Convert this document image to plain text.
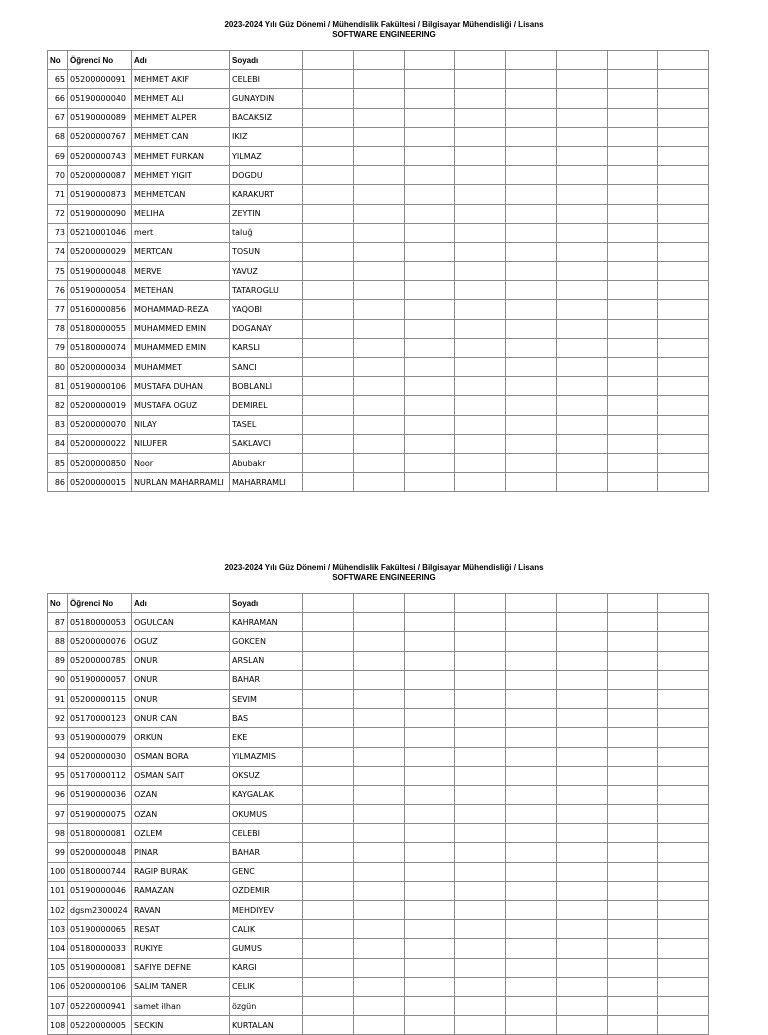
2023-2024 Yılı Güz Dönemi / Mühendislik Fakültesi / Bilgisayar Mühendisliği / Lisans
SOFTWARE ENGINEERING
No	Öğrenci No	Adı	Soyadı								
65	05200000091	MEHMET AKIF	CELEBI								
66	05190000040	MEHMET ALI	GUNAYDIN								
67	05190000089	MEHMET ALPER	BACAKSIZ								
68	05200000767	MEHMET CAN	IKIZ								
69	05200000743	MEHMET FURKAN	YILMAZ								
70	05200000087	MEHMET YIGIT	DOGDU								
71	05190000873	MEHMETCAN	KARAKURT								
72	05190000090	MELIHA	ZEYTIN								
73	05210001046	mert	taluğ								
74	05200000029	MERTCAN	TOSUN								
75	05190000048	MERVE	YAVUZ								
76	05190000054	METEHAN	TATAROGLU								
77	05160000856	MOHAMMAD-REZA	YAQOBI								
78	05180000055	MUHAMMED EMIN	DOGANAY								
79	05180000074	MUHAMMED EMIN	KARSLI								
80	05200000034	MUHAMMET	SANCI								
81	05190000106	MUSTAFA DUHAN	BOBLANLI								
82	05200000019	MUSTAFA OGUZ	DEMIREL								
83	05200000070	NILAY	TASEL								
84	05200000022	NILUFER	SAKLAVCI								
85	05200000850	Noor	Abubakr								
86	05200000015	NURLAN MAHARRAMLI	MAHARRAMLI								
2023-2024 Yılı Güz Dönemi / Mühendislik Fakültesi / Bilgisayar Mühendisliği / Lisans
SOFTWARE ENGINEERING
No	Öğrenci No	Adı	Soyadı								
87	05180000053	OGULCAN	KAHRAMAN								
88	05200000076	OGUZ	GOKCEN								
89	05200000785	ONUR	ARSLAN								
90	05190000057	ONUR	BAHAR								
91	05200000115	ONUR	SEVIM								
92	05170000123	ONUR CAN	BAS								
93	05190000079	ORKUN	EKE								
94	05200000030	OSMAN BORA	YILMAZMIS								
95	05170000112	OSMAN SAIT	OKSUZ								
96	05190000036	OZAN	KAYGALAK								
97	05190000075	OZAN	OKUMUS								
98	05180000081	OZLEM	CELEBI								
99	05200000048	PINAR	BAHAR								
100	05180000744	RAGIP BURAK	GENC								
101	05190000046	RAMAZAN	OZDEMIR								
102	dgsm2300024	RAVAN	MEHDIYEV								
103	05190000065	RESAT	CALIK								
104	05180000033	RUKIYE	GUMUS								
105	05190000081	SAFIYE DEFNE	KARGI								
106	05200000106	SALIM TANER	CELIK								
107	05220000941	samet ilhan	özgün								
108	05220000005	SECKIN	KURTALAN								
